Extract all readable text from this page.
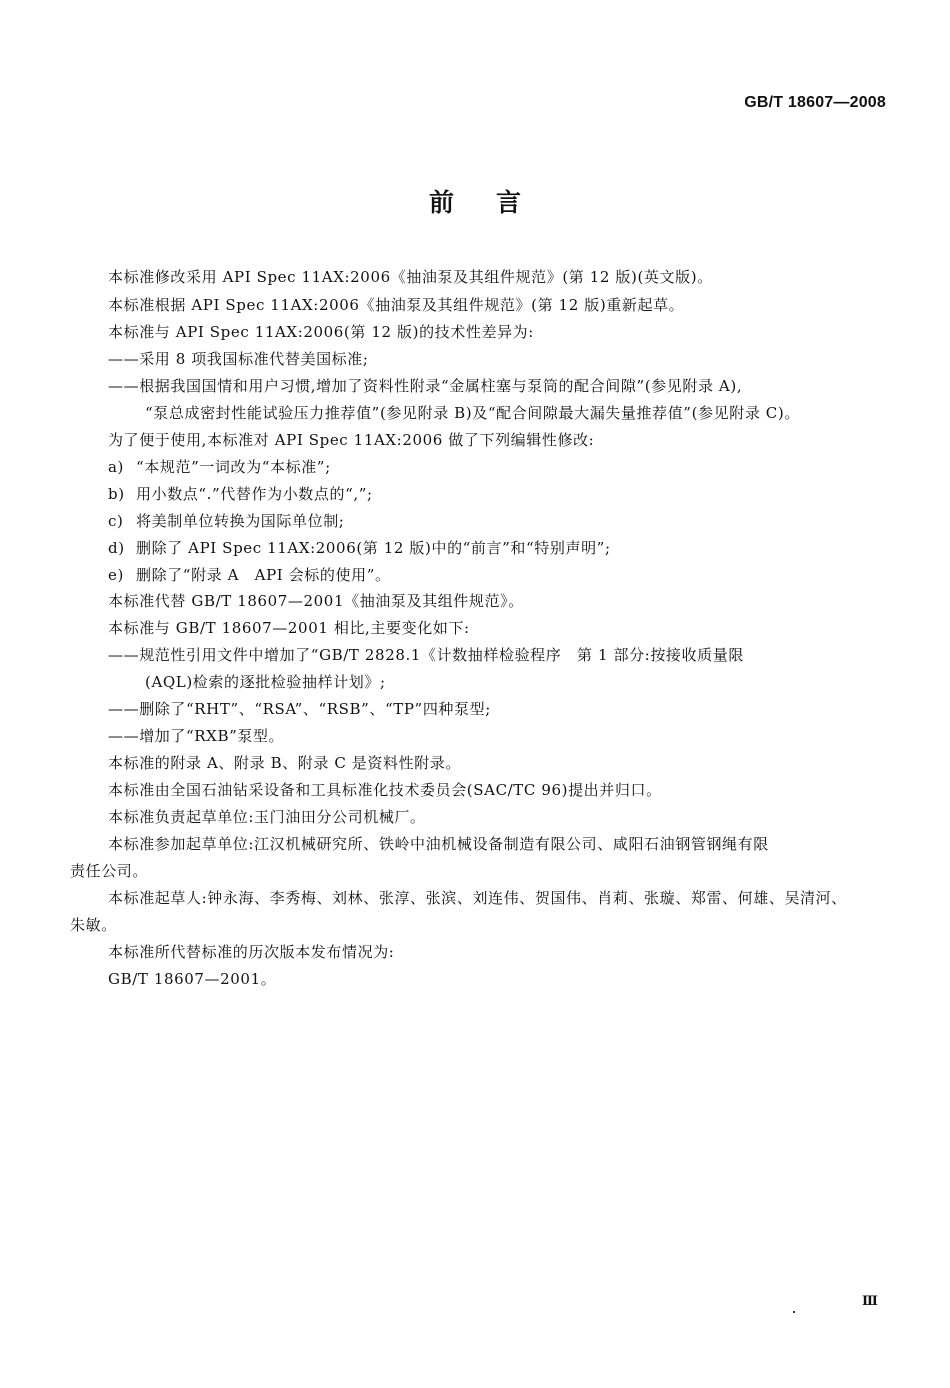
GB/T 18607—2008
前言
本标准修改采用 API Spec 11AX:2006《抽油泵及其组件规范》(第 12 版)(英文版)。
本标准根据 API Spec 11AX:2006《抽油泵及其组件规范》(第 12 版)重新起草。
本标准与 API Spec 11AX:2006(第 12 版)的技术性差异为:
——采用 8 项我国标准代替美国标准;
——根据我国国情和用户习惯,增加了资料性附录“金属柱塞与泵筒的配合间隙”(参见附录 A),
“泵总成密封性能试验压力推荐值”(参见附录 B)及“配合间隙最大漏失量推荐值”(参见附录 C)。
为了便于使用,本标准对 API Spec 11AX:2006 做了下列编辑性修改:
a) “本规范”一词改为“本标准”;
b) 用小数点“.”代替作为小数点的“,”;
c) 将美制单位转换为国际单位制;
d) 删除了 API Spec 11AX:2006(第 12 版)中的“前言”和“特别声明”;
e) 删除了“附录 A　API 会标的使用”。
本标准代替 GB/T 18607—2001《抽油泵及其组件规范》。
本标准与 GB/T 18607—2001 相比,主要变化如下:
——规范性引用文件中增加了“GB/T 2828.1《计数抽样检验程序　第 1 部分:按接收质量限
(AQL)检索的逐批检验抽样计划》;
——删除了“RHT”、“RSA”、“RSB”、“TP”四种泵型;
——增加了“RXB”泵型。
本标准的附录 A、附录 B、附录 C 是资料性附录。
本标准由全国石油钻采设备和工具标准化技术委员会(SAC/TC 96)提出并归口。
本标准负责起草单位:玉门油田分公司机械厂。
本标准参加起草单位:江汉机械研究所、铁岭中油机械设备制造有限公司、咸阳石油钢管钢绳有限
责任公司。
本标准起草人:钟永海、李秀梅、刘林、张淳、张滨、刘连伟、贺国伟、肖莉、张璇、郑雷、何雄、吴清河、
朱敏。
本标准所代替标准的历次版本发布情况为:
GB/T 18607—2001。
Ⅲ
